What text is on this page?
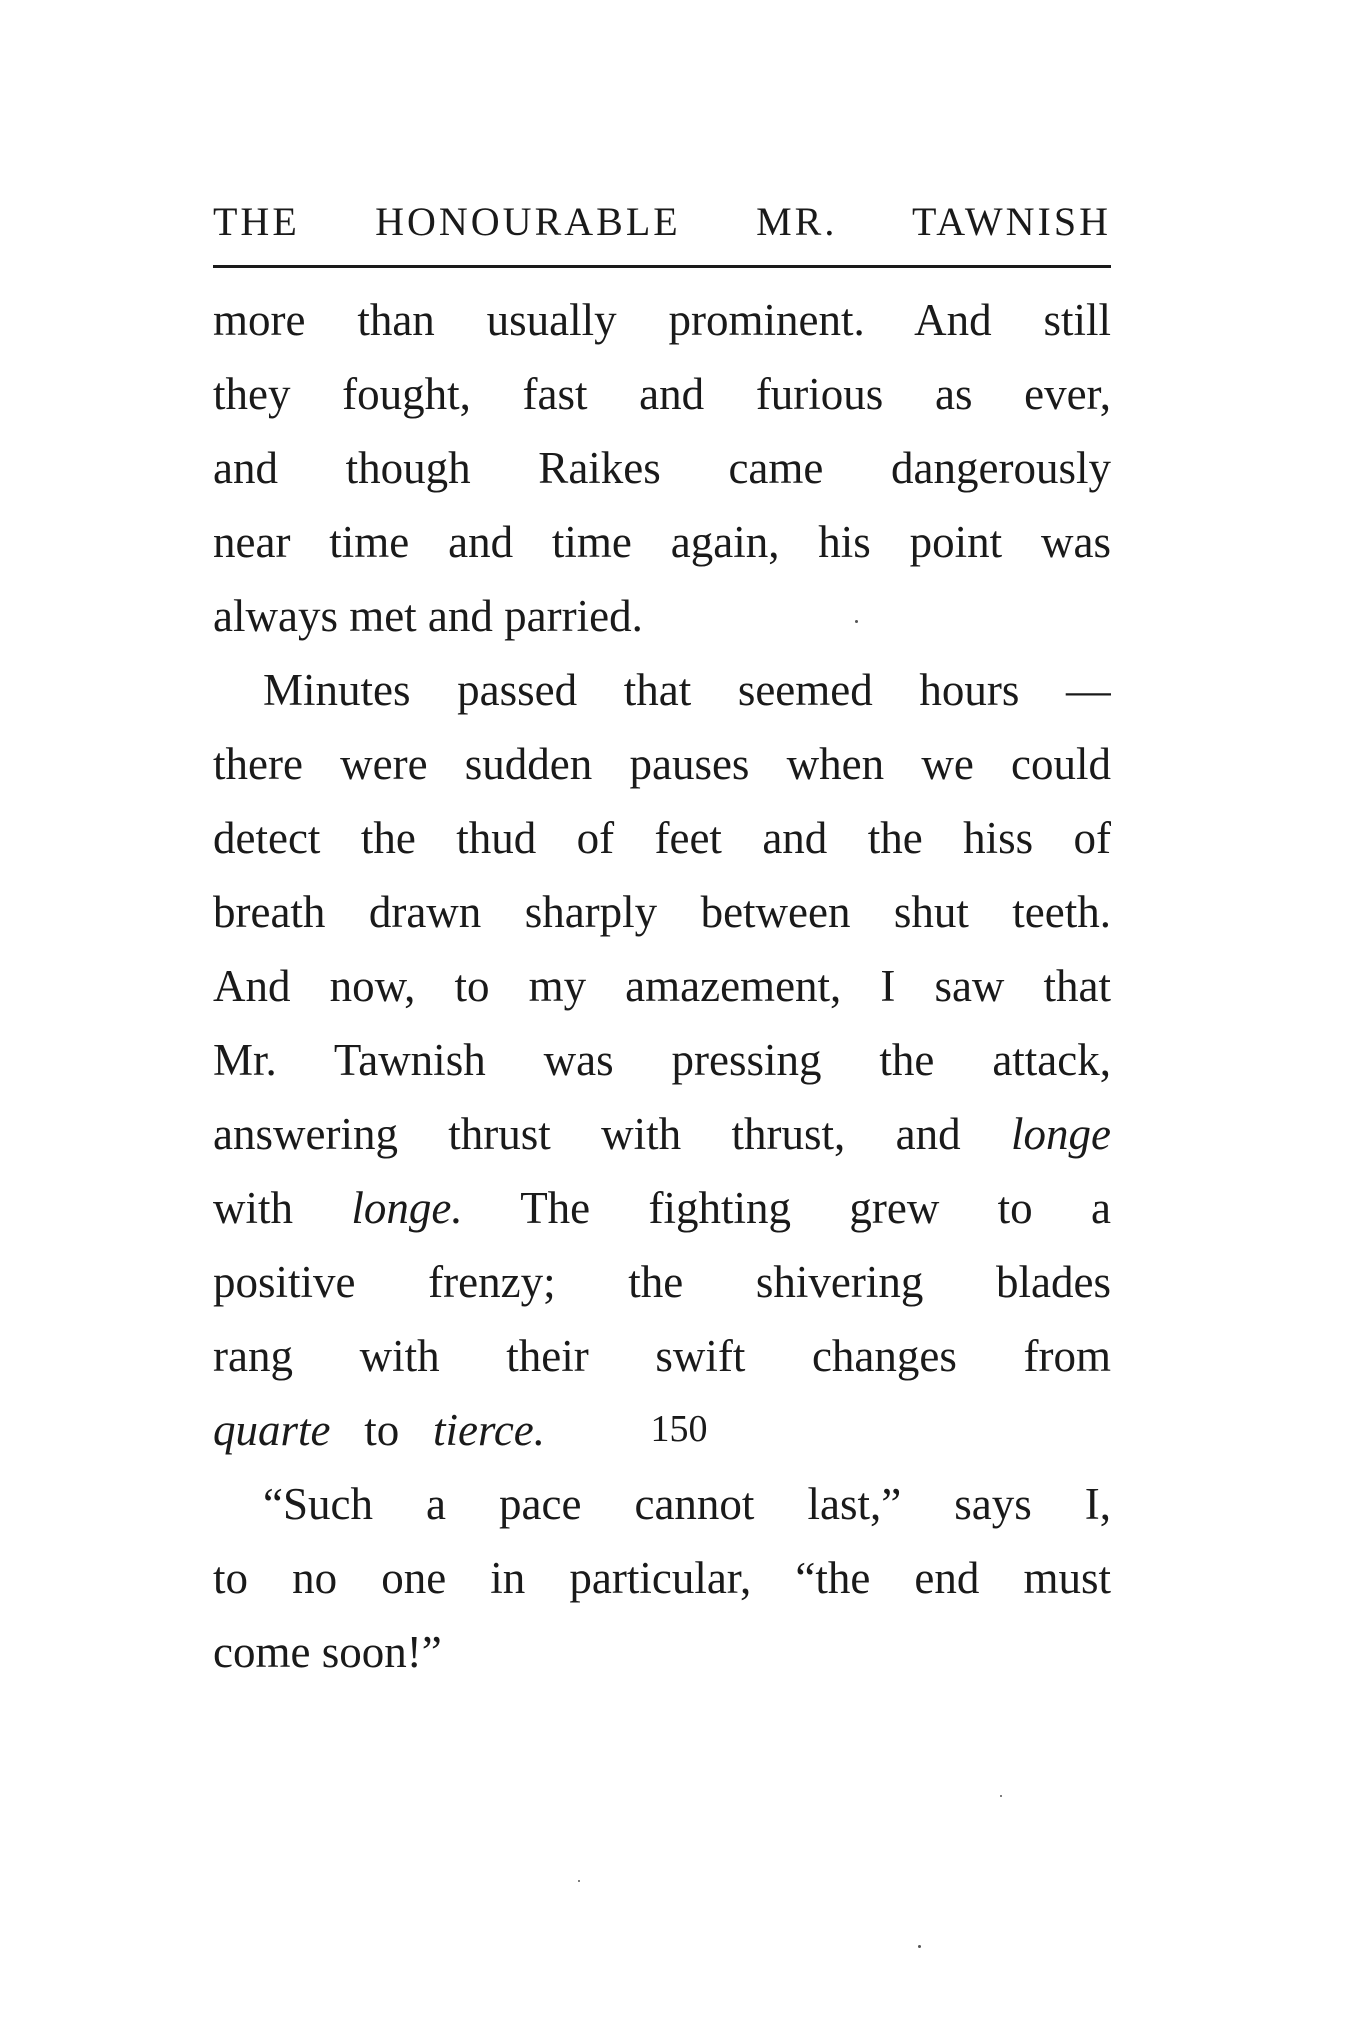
THE HONOURABLE MR. TAWNISH
more than usually prominent. And still
they fought, fast and furious as ever,
and though Raikes came dangerously
near time and time again, his point was
always met and parried.
Minutes passed that seemed hours —
there were sudden pauses when we could
detect the thud of feet and the hiss of
breath drawn sharply between shut teeth.
And now, to my amazement, I saw that
Mr. Tawnish was pressing the attack,
answering thrust with thrust, and longe
with longe. The fighting grew to a
positive frenzy; the shivering blades
rang with their swift changes from
quarte to tierce.
“Such a pace cannot last,” says I,
to no one in particular, “the end must
come soon!”
150
